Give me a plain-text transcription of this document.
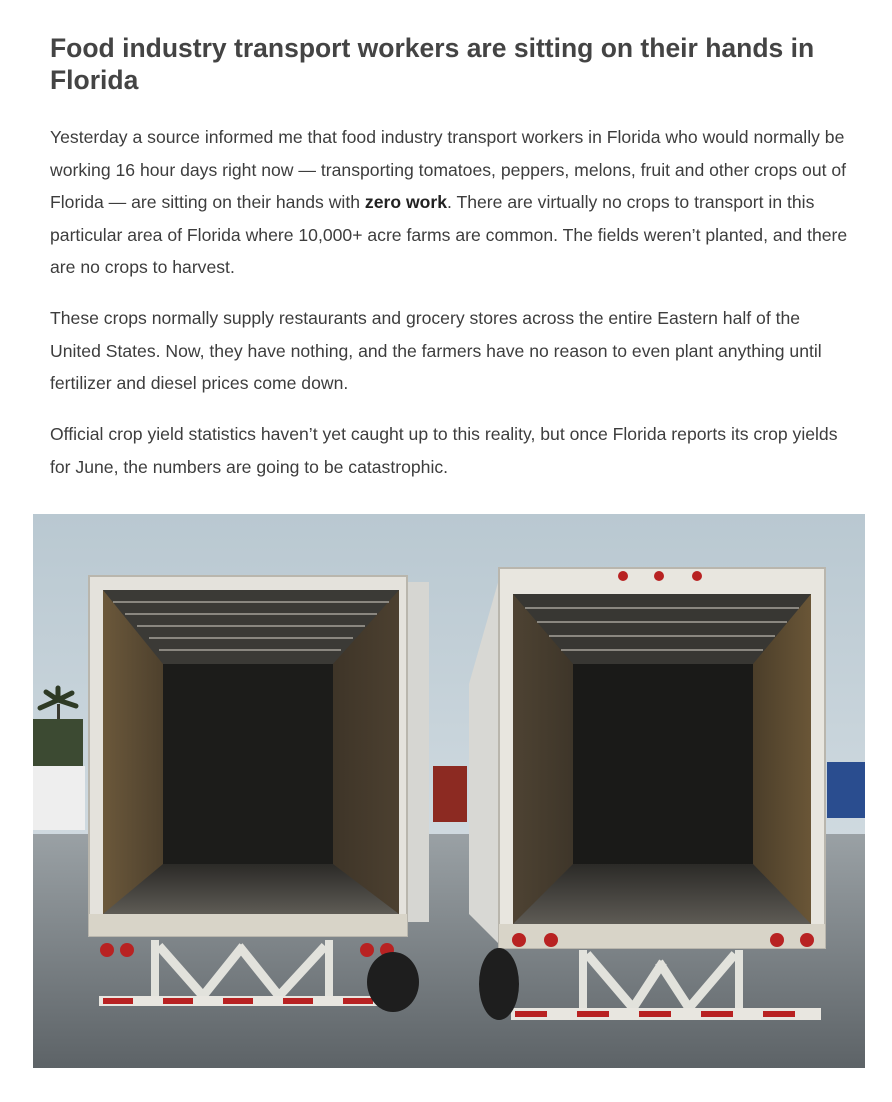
Food industry transport workers are sitting on their hands in Florida

Yesterday a source informed me that food industry transport workers in Florida who would normally be working 16 hour days right now — transporting tomatoes, peppers, melons, fruit and other crops out of Florida — are sitting on their hands with zero work. There are virtually no crops to transport in this particular area of Florida where 10,000+ acre farms are common. The fields weren’t planted, and there are no crops to harvest.

These crops normally supply restaurants and grocery stores across the entire Eastern half of the United States. Now, they have nothing, and the farmers have no reason to even plant anything until fertilizer and diesel prices come down.

Official crop yield statistics haven’t yet caught up to this reality, but once Florida reports its crop yields for June, the numbers are going to be catastrophic.
